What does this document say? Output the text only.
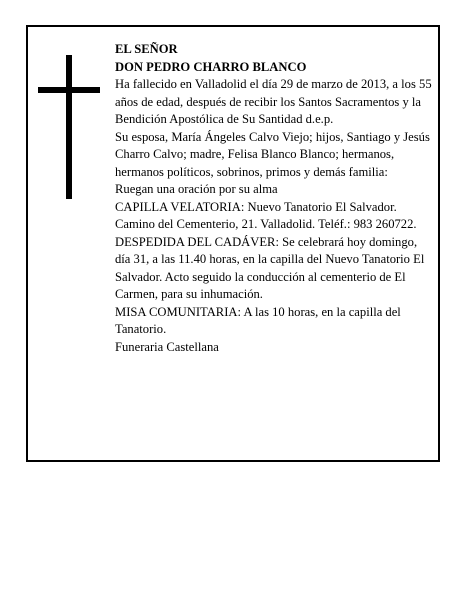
EL SEÑOR

DON PEDRO CHARRO BLANCO

Ha fallecido en Valladolid el día 29 de marzo de 2013, a los 55 años de edad, después de recibir los Santos Sacramentos y la Bendición Apostólica de Su Santidad d.e.p.

Su esposa, María Ángeles Calvo Viejo; hijos, Santiago y Jesús Charro Calvo; madre, Felisa Blanco Blanco; hermanos, hermanos políticos, sobrinos, primos y demás familia:

Ruegan una oración por su alma

CAPILLA VELATORIA: Nuevo Tanatorio El Salvador. Camino del Cementerio, 21. Valladolid. Teléf.: 983 260722.

DESPEDIDA DEL CADÁVER: Se celebrará hoy domingo, día 31, a las 11.40 horas, en la capilla del Nuevo Tanatorio El Salvador. Acto seguido la conducción al cementerio de El Carmen, para su inhumación.

MISA COMUNITARIA: A las 10 horas, en la capilla del Tanatorio.

Funeraria Castellana
